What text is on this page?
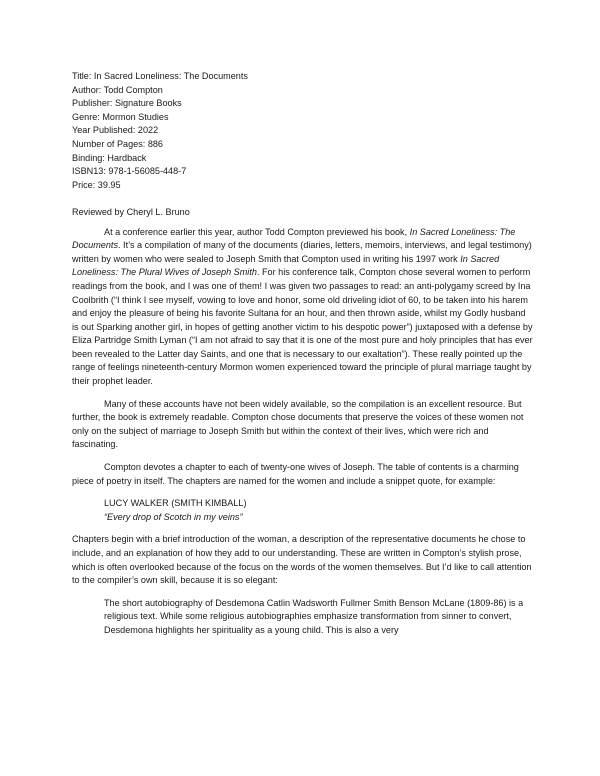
Title: In Sacred Loneliness: The Documents
Author: Todd Compton
Publisher: Signature Books
Genre: Mormon Studies
Year Published: 2022
Number of Pages: 886
Binding: Hardback
ISBN13: 978-1-56085-448-7
Price: 39.95
Reviewed by Cheryl L. Bruno

At a conference earlier this year, author Todd Compton previewed his book, In Sacred Loneliness: The Documents. It’s a compilation of many of the documents (diaries, letters, memoirs, interviews, and legal testimony) written by women who were sealed to Joseph Smith that Compton used in writing his 1997 work In Sacred Loneliness: The Plural Wives of Joseph Smith. For his conference talk, Compton chose several women to perform readings from the book, and I was one of them! I was given two passages to read: an anti-polygamy screed by Ina Coolbrith (“I think I see myself, vowing to love and honor, some old driveling idiot of 60, to be taken into his harem and enjoy the pleasure of being his favorite Sultana for an hour, and then thrown aside, whilst my Godly husband is out Sparking another girl, in hopes of getting another victim to his despotic power”) juxtaposed with a defense by Eliza Partridge Smith Lyman (“I am not afraid to say that it is one of the most pure and holy principles that has ever been revealed to the Latter day Saints, and one that is necessary to our exaltation”). These really pointed up the range of feelings nineteenth-century Mormon women experienced toward the principle of plural marriage taught by their prophet leader.

Many of these accounts have not been widely available, so the compilation is an excellent resource. But further, the book is extremely readable. Compton chose documents that preserve the voices of these women not only on the subject of marriage to Joseph Smith but within the context of their lives, which were rich and fascinating.

Compton devotes a chapter to each of twenty-one wives of Joseph. The table of contents is a charming piece of poetry in itself. The chapters are named for the women and include a snippet quote, for example:

LUCY WALKER (SMITH KIMBALL)
“Every drop of Scotch in my veins”

Chapters begin with a brief introduction of the woman, a description of the representative documents he chose to include, and an explanation of how they add to our understanding. These are written in Compton’s stylish prose, which is often overlooked because of the focus on the words of the women themselves. But I’d like to call attention to the compiler’s own skill, because it is so elegant:

The short autobiography of Desdemona Catlin Wadsworth Fullmer Smith Benson McLane (1809-86) is a religious text. While some religious autobiographies emphasize transformation from sinner to convert, Desdemona highlights her spirituality as a young child. This is also a very
